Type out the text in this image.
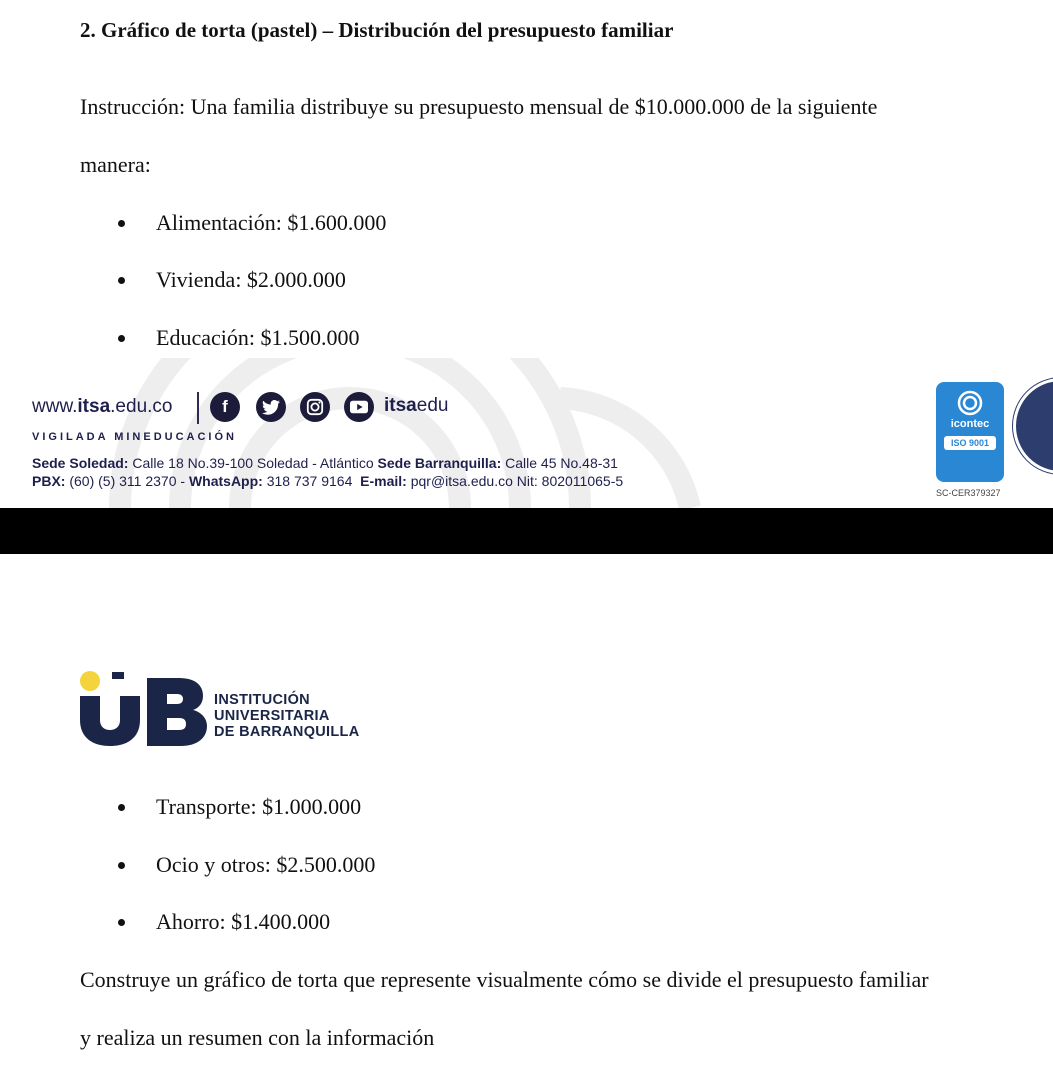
2. Gráfico de torta (pastel) – Distribución del presupuesto familiar
Instrucción: Una familia distribuye su presupuesto mensual de $10.000.000 de la siguiente
manera:
Alimentación: $1.600.000
Vivienda: $2.000.000
Educación: $1.500.000
www. itsa .edu.co	f	itsaedu
VIGILADA MINEDUCACIÓN
Sede Soledad: Calle 18 No.39-100 Soledad - Atlántico Sede Barranquilla: Calle 45 No.48-31
PBX: (60) (5) 311 2370 - WhatsApp: 318 737 9164 E-mail: pqr@itsa.edu.co Nit: 802011065-5
icontec
ISO 9001
SC-CER379327
INSTITUCIÓN
UNIVERSITARIA
DE BARRANQUILLA
Transporte: $1.000.000
Ocio y otros: $2.500.000
Ahorro: $1.400.000
Construye un gráfico de torta que represente visualmente cómo se divide el presupuesto familiar
y realiza un resumen con la información
